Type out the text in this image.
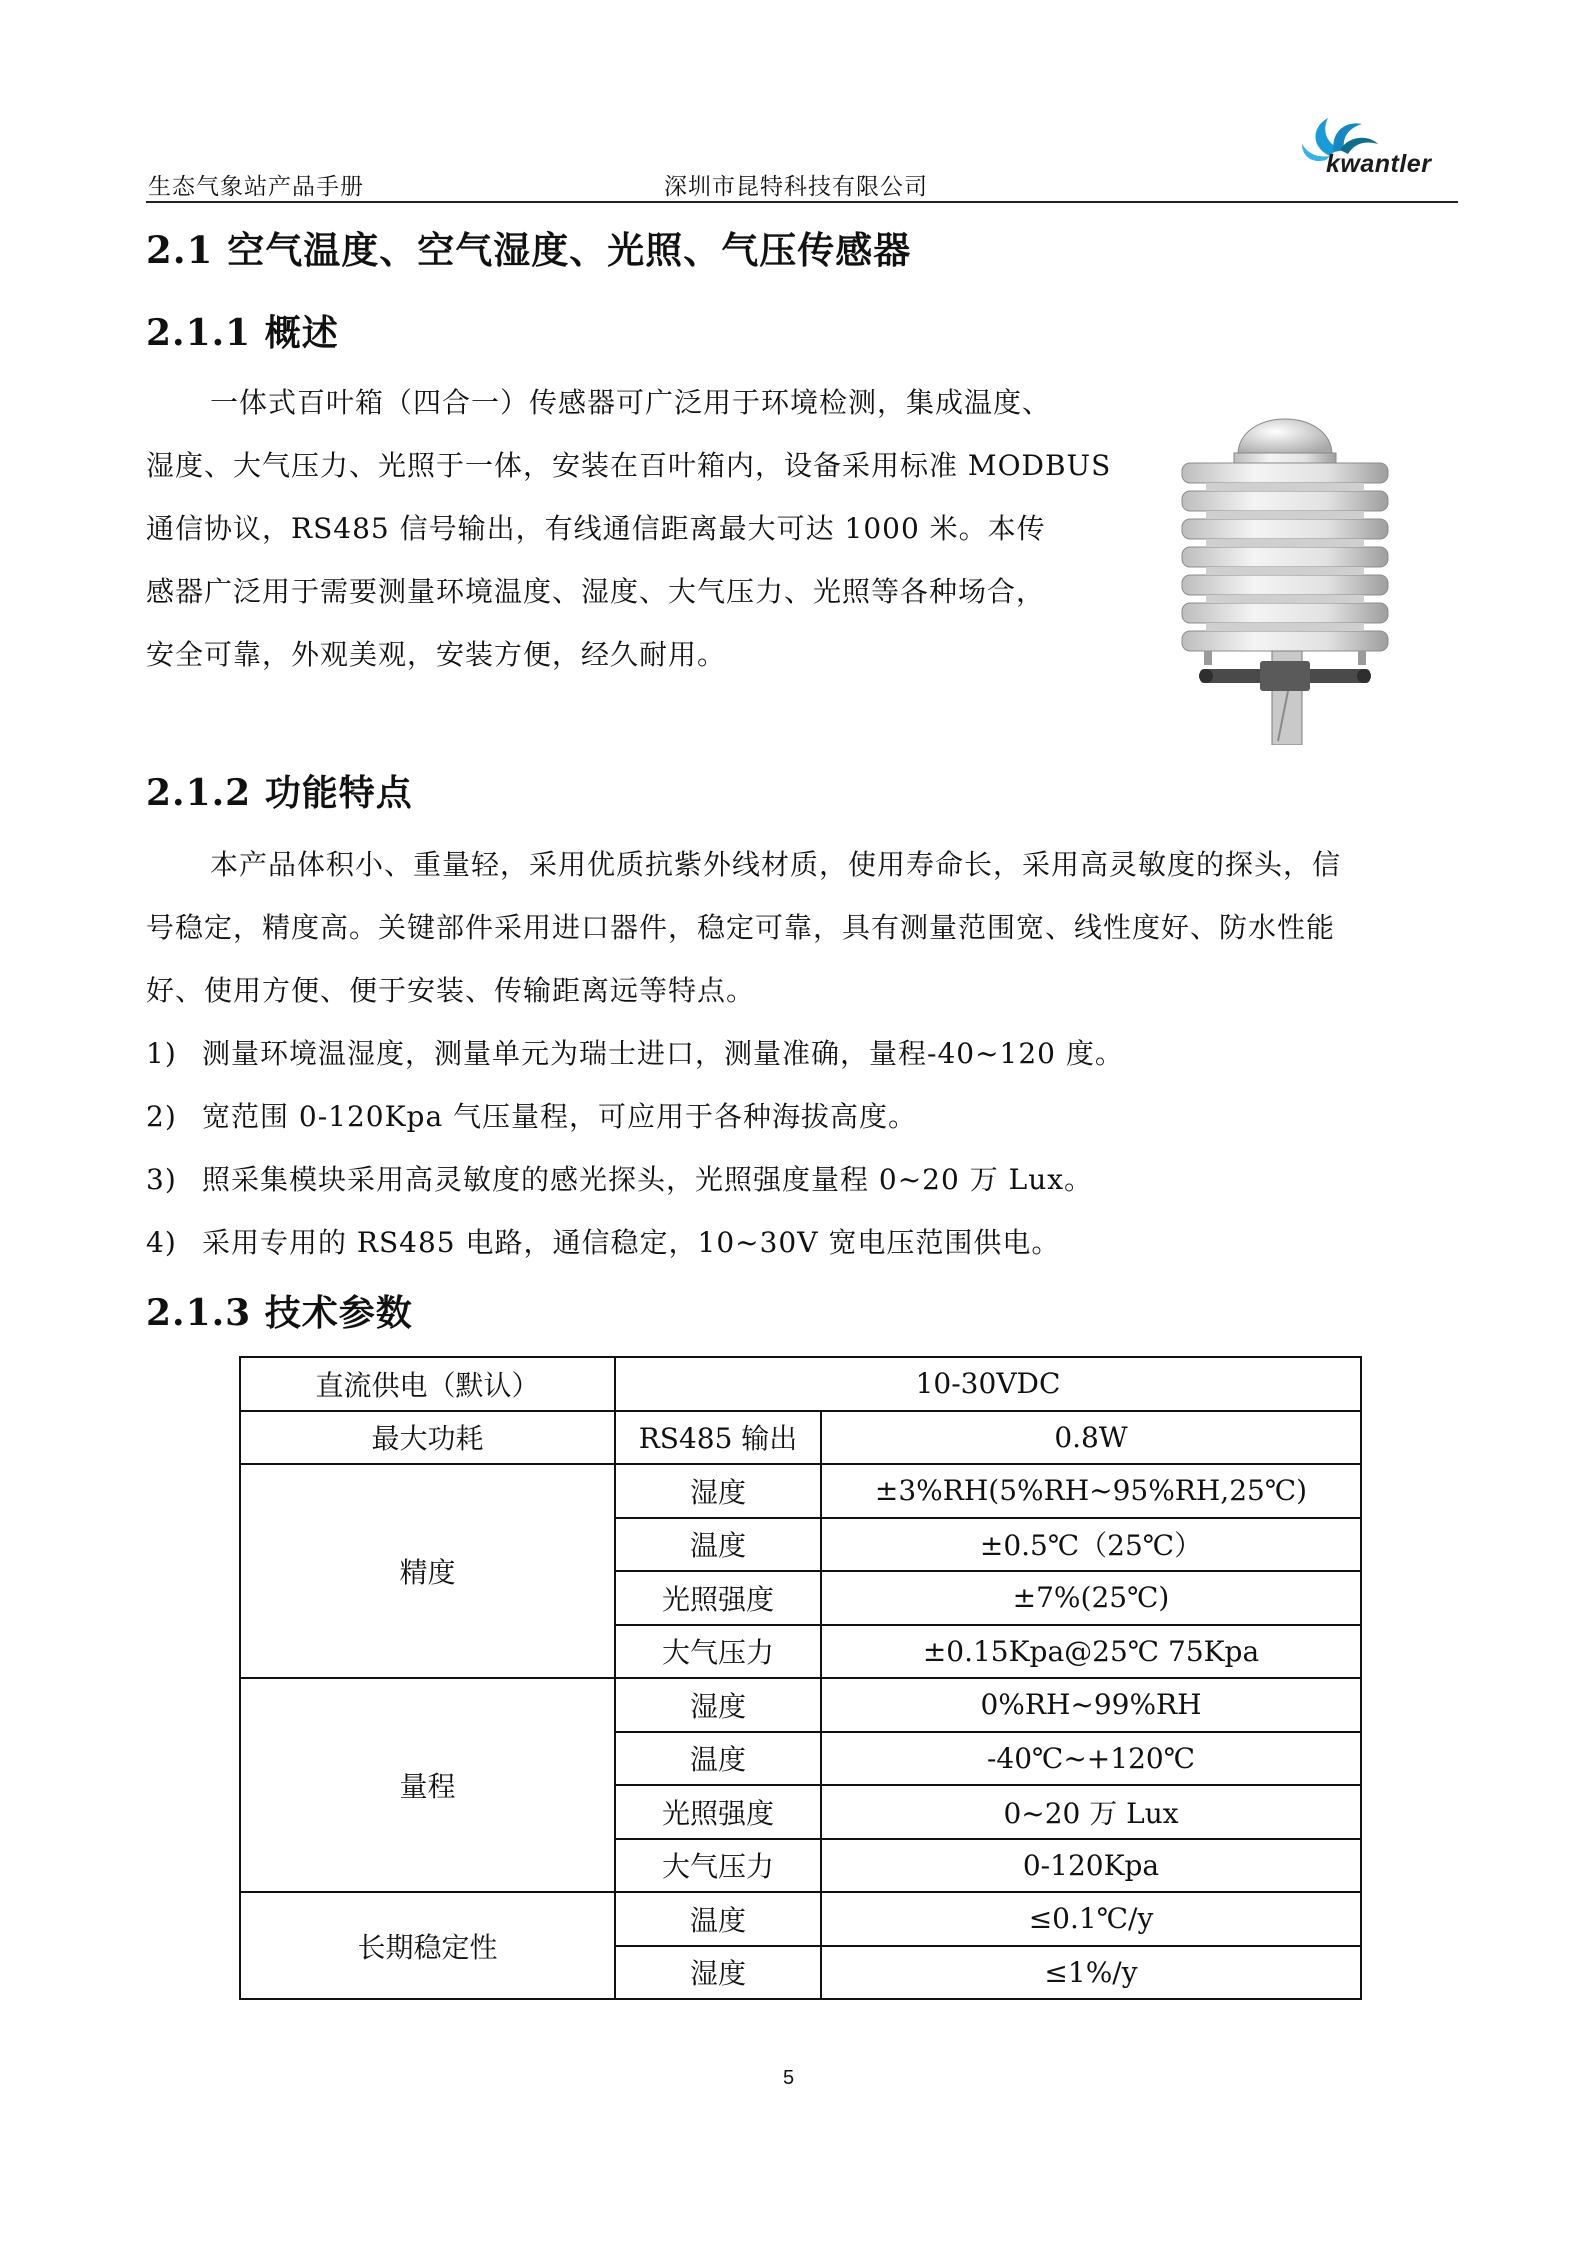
生态气象站产品手册	深圳市昆特科技有限公司
kwantler
2.1 空气温度、空气湿度、光照、气压传感器
2.1.1 概述
一体式百叶箱（四合一）传感器可广泛用于环境检测，集成温度、
湿度、大气压力、光照于一体，安装在百叶箱内，设备采用标准 MODBUS
通信协议，RS485 信号输出，有线通信距离最大可达 1000 米。本传
感器广泛用于需要测量环境温度、湿度、大气压力、光照等各种场合，
安全可靠，外观美观，安装方便，经久耐用。
2.1.2 功能特点
本产品体积小、重量轻，采用优质抗紫外线材质，使用寿命长，采用高灵敏度的探头，信
号稳定，精度高。关键部件采用进口器件，稳定可靠，具有测量范围宽、线性度好、防水性能
好、使用方便、便于安装、传输距离远等特点。
1) 测量环境温湿度，测量单元为瑞士进口，测量准确，量程-40~120 度。
2) 宽范围 0-120Kpa 气压量程，可应用于各种海拔高度。
3) 照采集模块采用高灵敏度的感光探头，光照强度量程 0~20 万 Lux。
4) 采用专用的 RS485 电路，通信稳定，10~30V 宽电压范围供电。
2.1.3 技术参数
直流供电（默认）	10-30VDC	
最大功耗	RS485 输出	0.8W
精度	湿度	±3%RH(5%RH~95%RH,25℃)
	温度	±0.5℃（25℃）
	光照强度	±7%(25℃)
	大气压力	±0.15Kpa@25℃ 75Kpa
量程	湿度	0%RH~99%RH
	温度	-40℃~+120℃
	光照强度	0~20 万 Lux
	大气压力	0-120Kpa
长期稳定性	温度	≤0.1℃/y
	湿度	≤1%/y
5
